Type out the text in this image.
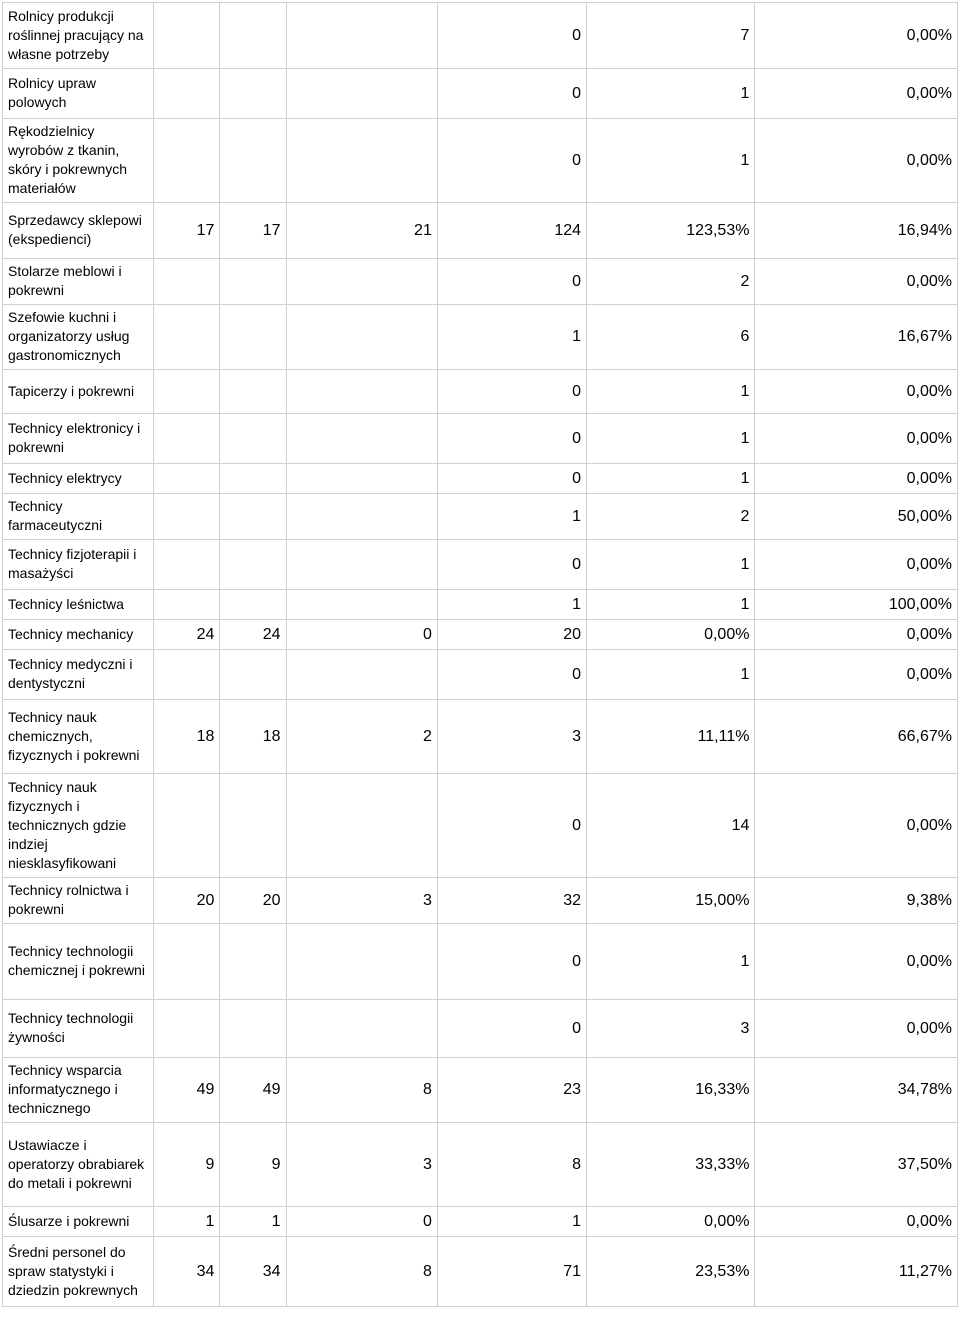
Rolnicy produkcji roślinnej pracujący na własne potrzeby				0	7	0,00%
Rolnicy upraw polowych				0	1	0,00%
Rękodzielnicy wyrobów z tkanin, skóry i pokrewnych materiałów				0	1	0,00%
Sprzedawcy sklepowi (ekspedienci)	17	17	21	124	123,53%	16,94%
Stolarze meblowi i pokrewni				0	2	0,00%
Szefowie kuchni i organizatorzy usług gastronomicznych				1	6	16,67%
Tapicerzy i pokrewni				0	1	0,00%
Technicy elektronicy i pokrewni				0	1	0,00%
Technicy elektrycy				0	1	0,00%
Technicy farmaceutyczni				1	2	50,00%
Technicy fizjoterapii i masażyści				0	1	0,00%
Technicy leśnictwa				1	1	100,00%
Technicy mechanicy	24	24	0	20	0,00%	0,00%
Technicy medyczni i dentystyczni				0	1	0,00%
Technicy nauk chemicznych, fizycznych i pokrewni	18	18	2	3	11,11%	66,67%
Technicy nauk fizycznych i technicznych gdzie indziej niesklasyfikowani				0	14	0,00%
Technicy rolnictwa i pokrewni	20	20	3	32	15,00%	9,38%
Technicy technologii chemicznej i pokrewni				0	1	0,00%
Technicy technologii żywności				0	3	0,00%
Technicy wsparcia informatycznego i technicznego	49	49	8	23	16,33%	34,78%
Ustawiacze i operatorzy obrabiarek do metali i pokrewni	9	9	3	8	33,33%	37,50%
Ślusarze i pokrewni	1	1	0	1	0,00%	0,00%
Średni personel do spraw statystyki i dziedzin pokrewnych	34	34	8	71	23,53%	11,27%
